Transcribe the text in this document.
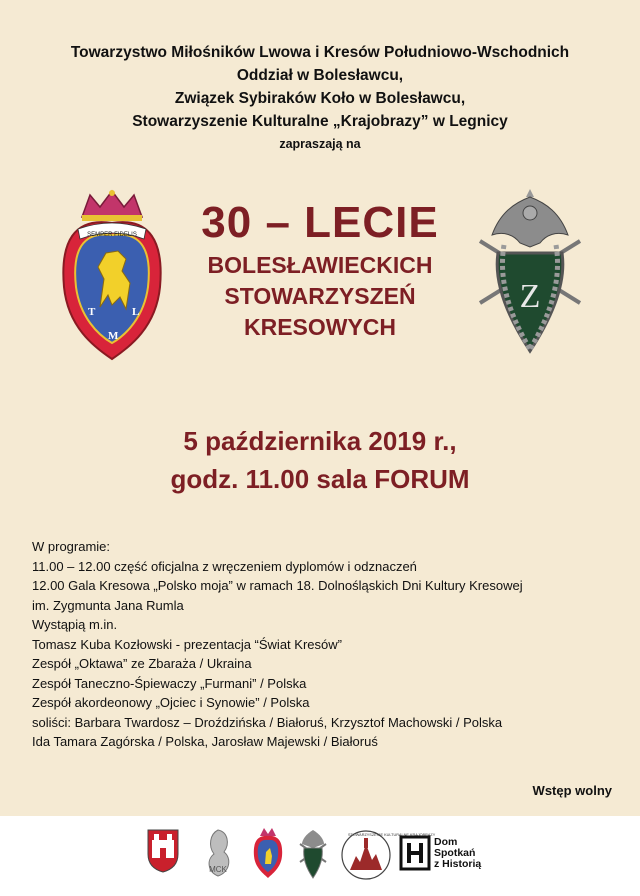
Towarzystwo Miłośników Lwowa i Kresów Południowo-Wschodnich
Oddział w Bolesławcu,
Związek Sybiraków Koło w Bolesławcu,
Stowarzyszenie Kulturalne „Krajobrazy” w Legnicy
zapraszają na
SEMPER FIDELIS
T	L
M
30 – LECIE
BOLESŁAWIECKICH
STOWARZYSZEŃ
KRESOWYCH
Z
5 października 2019 r.,
godz. 11.00 sala FORUM
W programie:
11.00 – 12.00 część oficjalna z wręczeniem dyplomów i odznaczeń
12.00 Gala Kresowa „Polsko moja” w ramach 18. Dolnośląskich Dni Kultury Kresowej
im. Zygmunta Jana Rumla
Wystąpią m.in.
Tomasz Kuba Kozłowski - prezentacja “Świat Kresów”
Zespół „Oktawa” ze Zbaraża / Ukraina
Zespół Taneczno-Śpiewaczy „Furmani” / Polska
Zespół akordeonowy „Ojciec i Synowie” / Polska
soliści: Barbara Twardosz – Droździńska / Białoruś, Krzysztof Machowski / Polska
Ida Tamara Zagórska / Polska, Jarosław Majewski / Białoruś
Wstęp wolny
MCK
STOWARZYSZENIE KULTURALNE KRAJOBRAZY
Dom
Spotkań
z Historią
